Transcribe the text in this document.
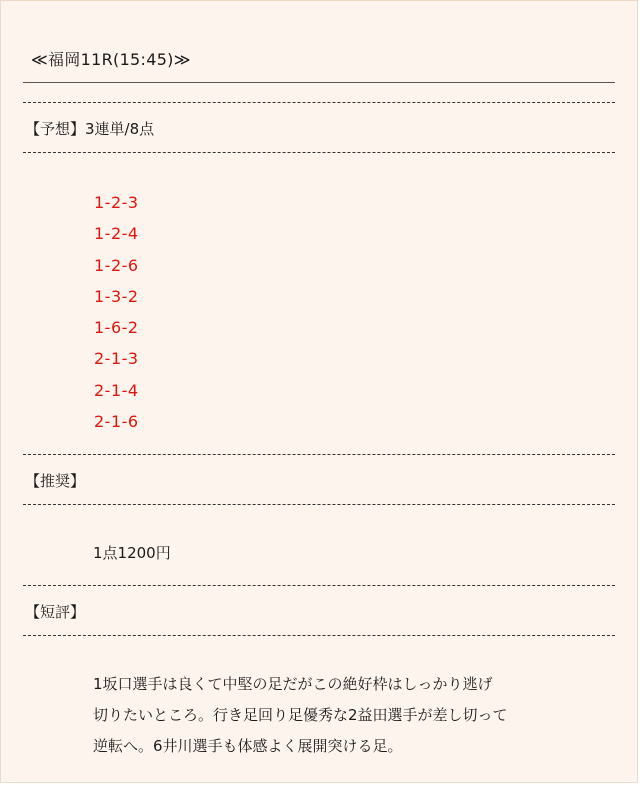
≪福岡11R(15:45)≫
【予想】3連単/8点
1-2-3
1-2-4
1-2-6
1-3-2
1-6-2
2-1-3
2-1-4
2-1-6
【推奨】
1点1200円
【短評】

1坂口選手は良くて中堅の足だがこの絶好枠はしっかり逃げ

切りたいところ。行き足回り足優秀な2益田選手が差し切って

逆転へ。6井川選手も体感よく展開突ける足。
